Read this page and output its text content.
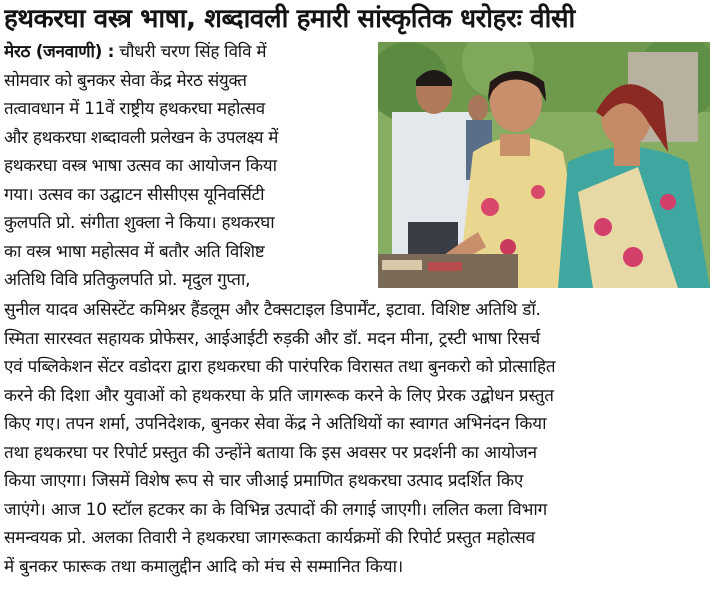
हथकरघा वस्त्र भाषा, शब्दावली हमारी सांस्कृतिक धरोहरः वीसी
मेरठ (जनवाणी) : चौधरी चरण सिंह विवि में
सोमवार को बुनकर सेवा केंद्र मेरठ संयुक्त
तत्वावधान में 11वें राष्ट्रीय हथकरघा महोत्सव
और हथकरघा शब्दावली प्रलेखन के उपलक्ष्य में
हथकरघा वस्त्र भाषा उत्सव का आयोजन किया
गया। उत्सव का उद्घाटन सीसीएस यूनिवर्सिटी
कुलपति प्रो. संगीता शुक्ला ने किया। हथकरघा
का वस्त्र भाषा महोत्सव में बतौर अति विशिष्ट
अतिथि विवि प्रतिकुलपति प्रो. मृदुल गुप्ता,
सुनील यादव असिस्टेंट कमिश्नर हैंडलूम और टैक्सटाइल डिपार्मेंट, इटावा. विशिष्ट अतिथि डॉ.
स्मिता सारस्वत सहायक प्रोफेसर, आईआईटी रुड़की और डॉ. मदन मीना, ट्रस्टी भाषा रिसर्च
एवं पब्लिकेशन सेंटर वडोदरा द्वारा हथकरघा की पारंपरिक विरासत तथा बुनकरो को प्रोत्साहित
करने की दिशा और युवाओं को हथकरघा के प्रति जागरूक करने के लिए प्रेरक उद्बोधन प्रस्तुत
किए गए। तपन शर्मा, उपनिदेशक, बुनकर सेवा केंद्र ने अतिथियों का स्वागत अभिनंदन किया
तथा हथकरघा पर रिपोर्ट प्रस्तुत की उन्होंने बताया कि इस अवसर पर प्रदर्शनी का आयोजन
किया जाएगा। जिसमें विशेष रूप से चार जीआई प्रमाणित हथकरघा उत्पाद प्रदर्शित किए
जाएंगे। आज 10 स्टॉल हटकर का के विभिन्न उत्पादों की लगाई जाएगी। ललित कला विभाग
समन्वयक प्रो. अलका तिवारी ने हथकरघा जागरूकता कार्यक्रमों की रिपोर्ट प्रस्तुत महोत्सव
में बुनकर फारूक तथा कमालुद्दीन आदि को मंच से सम्मानित किया।
